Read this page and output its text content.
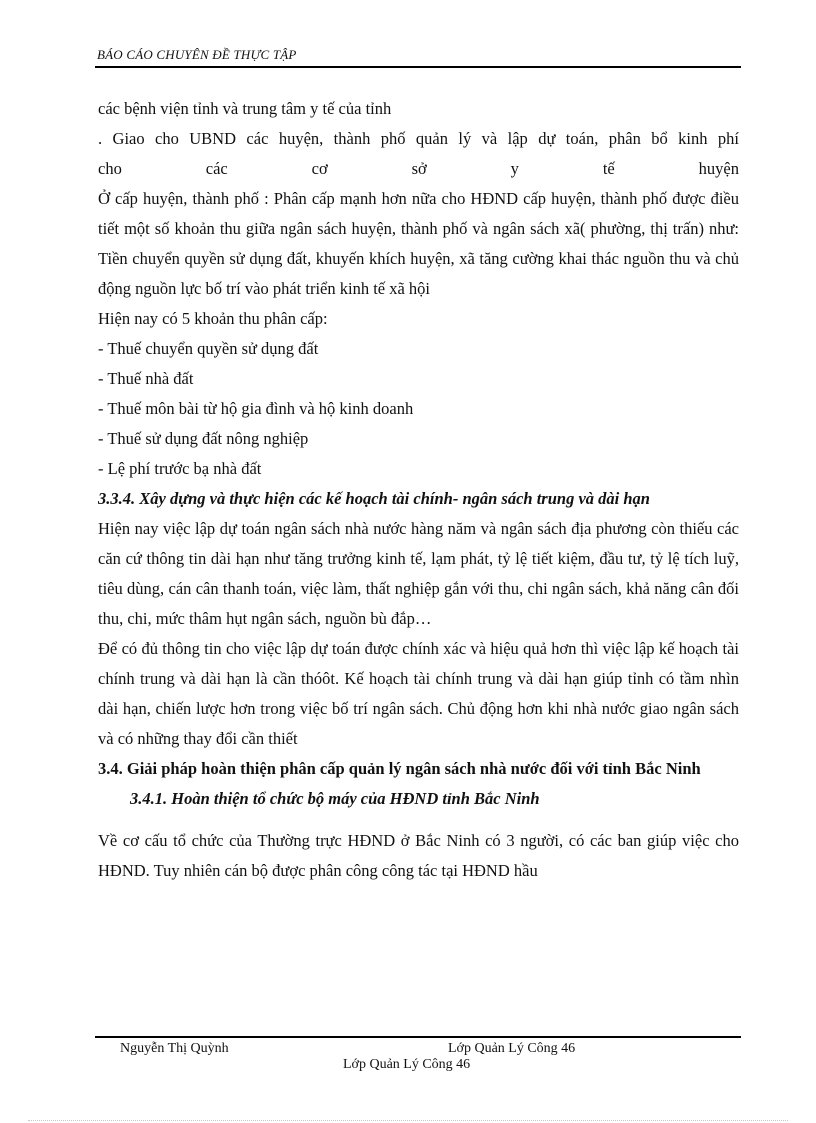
BÁO CÁO CHUYÊN ĐỀ THỰC TẬP

các bệnh viện tỉnh và trung tâm y tế của tỉnh

. Giao cho UBND các huyện, thành phố quản lý và lập dự toán, phân bổ kinh phí

cho các cơ sở y tế huyện

Ở cấp huyện, thành phố : Phân cấp mạnh hơn nữa cho HĐND cấp huyện, thành phố được điều tiết một số khoản thu giữa ngân sách huyện, thành phố và ngân sách xã( phường, thị trấn) như: Tiền chuyển quyền sử dụng đất, khuyến khích huyện, xã tăng cường khai thác nguồn thu và chủ động nguồn lực bố trí vào phát triển kinh tế xã hội

Hiện nay có 5 khoản thu phân cấp:

- Thuế chuyển quyền sử dụng đất

- Thuế nhà đất

- Thuế môn bài từ hộ gia đình và hộ kinh doanh

- Thuế sử dụng đất nông nghiệp

- Lệ phí trước bạ nhà đất

3.3.4. Xây dựng và thực hiện các kế hoạch tài chính- ngân sách trung và dài hạn

Hiện nay việc lập dự toán ngân sách nhà nước hàng năm và ngân sách địa phương còn thiếu các căn cứ thông tin dài hạn như tăng trưởng kinh tế, lạm phát, tỷ lệ tiết kiệm, đầu tư, tỷ lệ tích luỹ, tiêu dùng, cán cân thanh toán, việc làm, thất nghiệp gắn với thu, chi ngân sách, khả năng cân đối thu, chi, mức thâm hụt ngân sách, nguồn bù đắp…

Để có đủ thông tin cho việc lập dự toán được chính xác và hiệu quả hơn thì việc lập kế hoạch tài chính trung và dài hạn là cần thóôt. Kế hoạch tài chính trung và dài hạn giúp tỉnh có tầm nhìn dài hạn, chiến lược hơn trong việc bố trí ngân sách. Chủ động hơn khi nhà nước giao ngân sách và có những thay đổi cần thiết

3.4. Giải pháp hoàn thiện phân cấp quản lý ngân sách nhà nước đối với tỉnh Bắc Ninh

3.4.1. Hoàn thiện tổ chức bộ máy của HĐND tỉnh Bắc Ninh

Về cơ cấu tổ chức của Thường trực HĐND ở Bắc Ninh có 3 người, có các ban giúp việc cho HĐND. Tuy nhiên cán bộ được phân công công tác tại HĐND hầu

Nguyễn Thị Quỳnh	Lớp Quản Lý Công 46
Lớp Quản Lý Công 46
